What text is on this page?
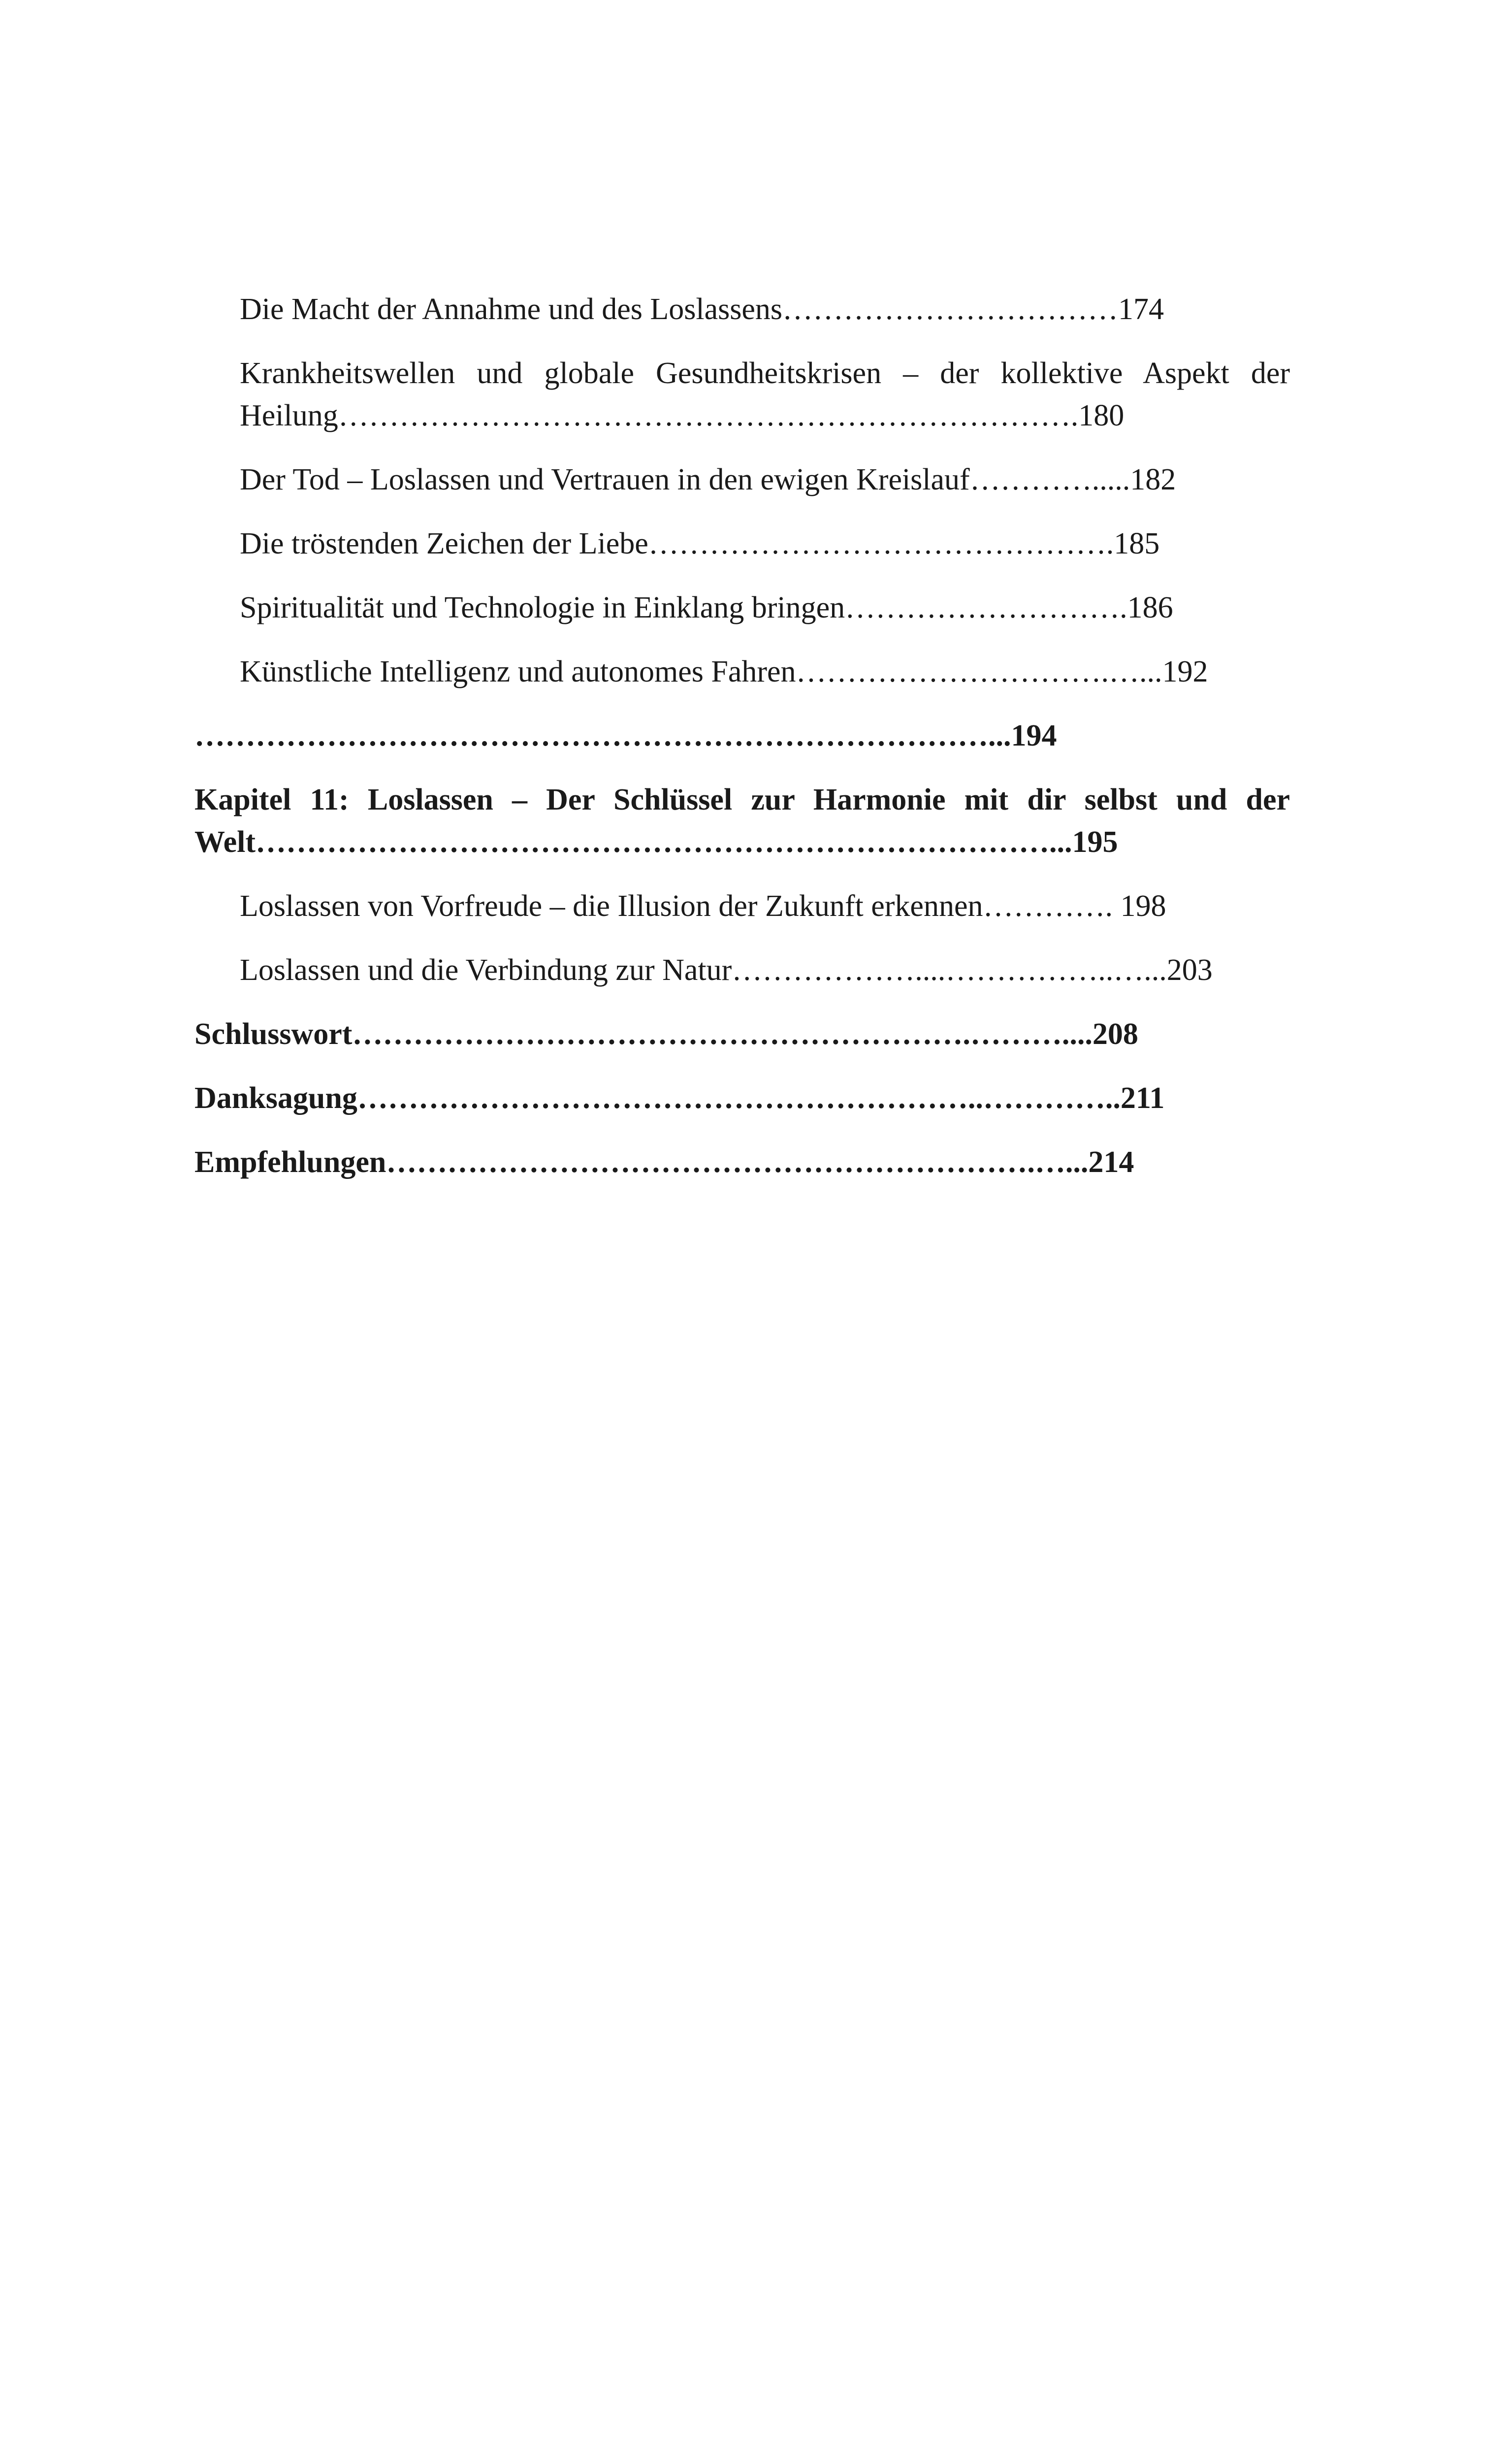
Die Macht der Annahme und des Loslassens……………………………174

Krankheitswellen und globale Gesundheitskrisen – der kollektive Aspekt der
Heilung……………………………………………………………….180

Der Tod – Loslassen und Vertrauen in den ewigen Kreislauf………….....182

Die tröstenden Zeichen der Liebe……………………………………….185

Spiritualität und Technologie in Einklang bringen……………………….186

Künstliche Intelligenz und autonomes Fahren………………………….…...192

……………………………………………………………………...194

Kapitel 11: Loslassen – Der Schlüssel zur Harmonie mit dir selbst und der
Welt……………………………………………………………………...195

Loslassen von Vorfreude – die Illusion der Zukunft erkennen…………. 198

Loslassen und die Verbindung zur Natur………………....……………..…...203

Schlusswort…………………………………………………….………....208

Danksagung……………………………………………………..…………..211

Empfehlungen……………………………………………………….…...214
